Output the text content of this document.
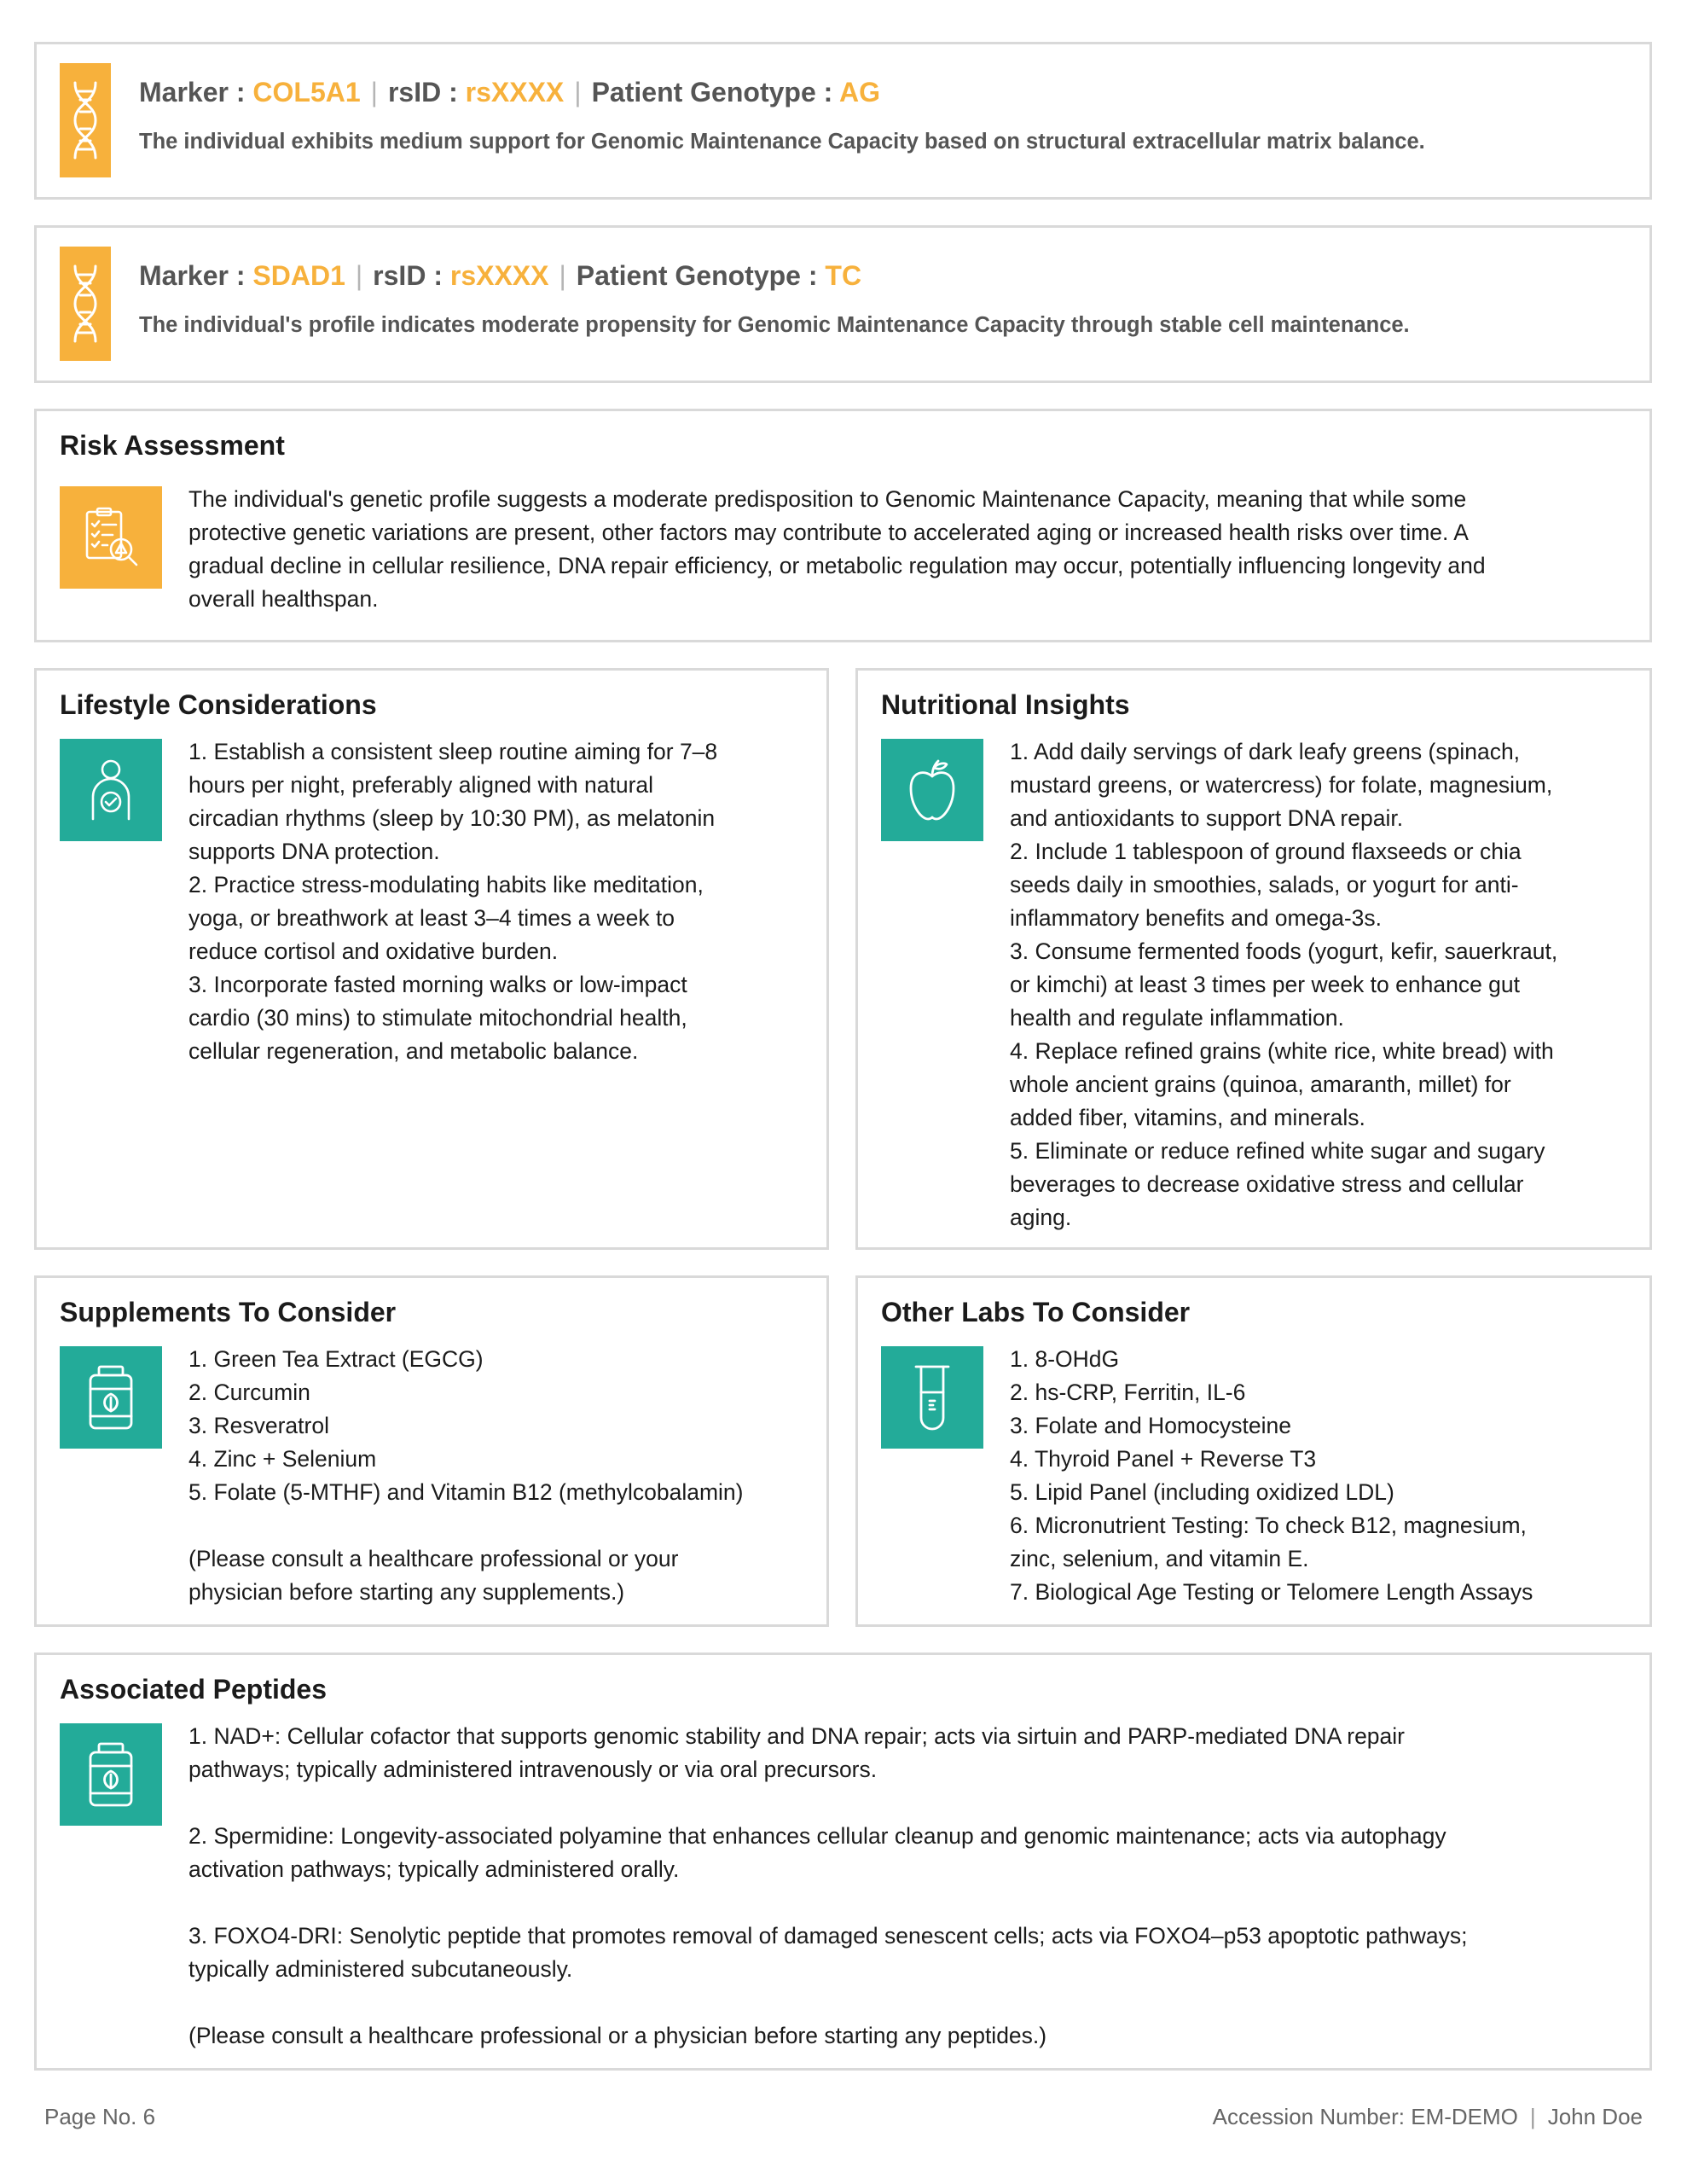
Marker : COL5A1 | rsID : rsXXXX | Patient Genotype : AG
The individual exhibits medium support for Genomic Maintenance Capacity based on structural extracellular matrix balance.
Marker : SDAD1 | rsID : rsXXXX | Patient Genotype : TC
The individual's profile indicates moderate propensity for Genomic Maintenance Capacity through stable cell maintenance.
Risk Assessment
The individual's genetic profile suggests a moderate predisposition to Genomic Maintenance Capacity, meaning that while some
protective genetic variations are present, other factors may contribute to accelerated aging or increased health risks over time. A
gradual decline in cellular resilience, DNA repair efficiency, or metabolic regulation may occur, potentially influencing longevity and
overall healthspan.
Lifestyle Considerations
1. Establish a consistent sleep routine aiming for 7–8
hours per night, preferably aligned with natural
circadian rhythms (sleep by 10:30 PM), as melatonin
supports DNA protection.
2. Practice stress-modulating habits like meditation,
yoga, or breathwork at least 3–4 times a week to
reduce cortisol and oxidative burden.
3. Incorporate fasted morning walks or low-impact
cardio (30 mins) to stimulate mitochondrial health,
cellular regeneration, and metabolic balance.
Nutritional Insights
1. Add daily servings of dark leafy greens (spinach,
mustard greens, or watercress) for folate, magnesium,
and antioxidants to support DNA repair.
2. Include 1 tablespoon of ground flaxseeds or chia
seeds daily in smoothies, salads, or yogurt for anti-
inflammatory benefits and omega-3s.
3. Consume fermented foods (yogurt, kefir, sauerkraut,
or kimchi) at least 3 times per week to enhance gut
health and regulate inflammation.
4. Replace refined grains (white rice, white bread) with
whole ancient grains (quinoa, amaranth, millet) for
added fiber, vitamins, and minerals.
5. Eliminate or reduce refined white sugar and sugary
beverages to decrease oxidative stress and cellular
aging.
Supplements To Consider
1. Green Tea Extract (EGCG)
2. Curcumin
3. Resveratrol
4. Zinc + Selenium
5. Folate (5-MTHF) and Vitamin B12 (methylcobalamin)
(Please consult a healthcare professional or your
physician before starting any supplements.)
Other Labs To Consider
1. 8-OHdG
2. hs-CRP, Ferritin, IL-6
3. Folate and Homocysteine
4. Thyroid Panel + Reverse T3
5. Lipid Panel (including oxidized LDL)
6. Micronutrient Testing: To check B12, magnesium,
zinc, selenium, and vitamin E.
7. Biological Age Testing or Telomere Length Assays
Associated Peptides
1. NAD+: Cellular cofactor that supports genomic stability and DNA repair; acts via sirtuin and PARP-mediated DNA repair
pathways; typically administered intravenously or via oral precursors.
2. Spermidine: Longevity-associated polyamine that enhances cellular cleanup and genomic maintenance; acts via autophagy
activation pathways; typically administered orally.
3. FOXO4-DRI: Senolytic peptide that promotes removal of damaged senescent cells; acts via FOXO4–p53 apoptotic pathways;
typically administered subcutaneously.
(Please consult a healthcare professional or a physician before starting any peptides.)
Page No. 6	Accession Number: EM-DEMO | John Doe
